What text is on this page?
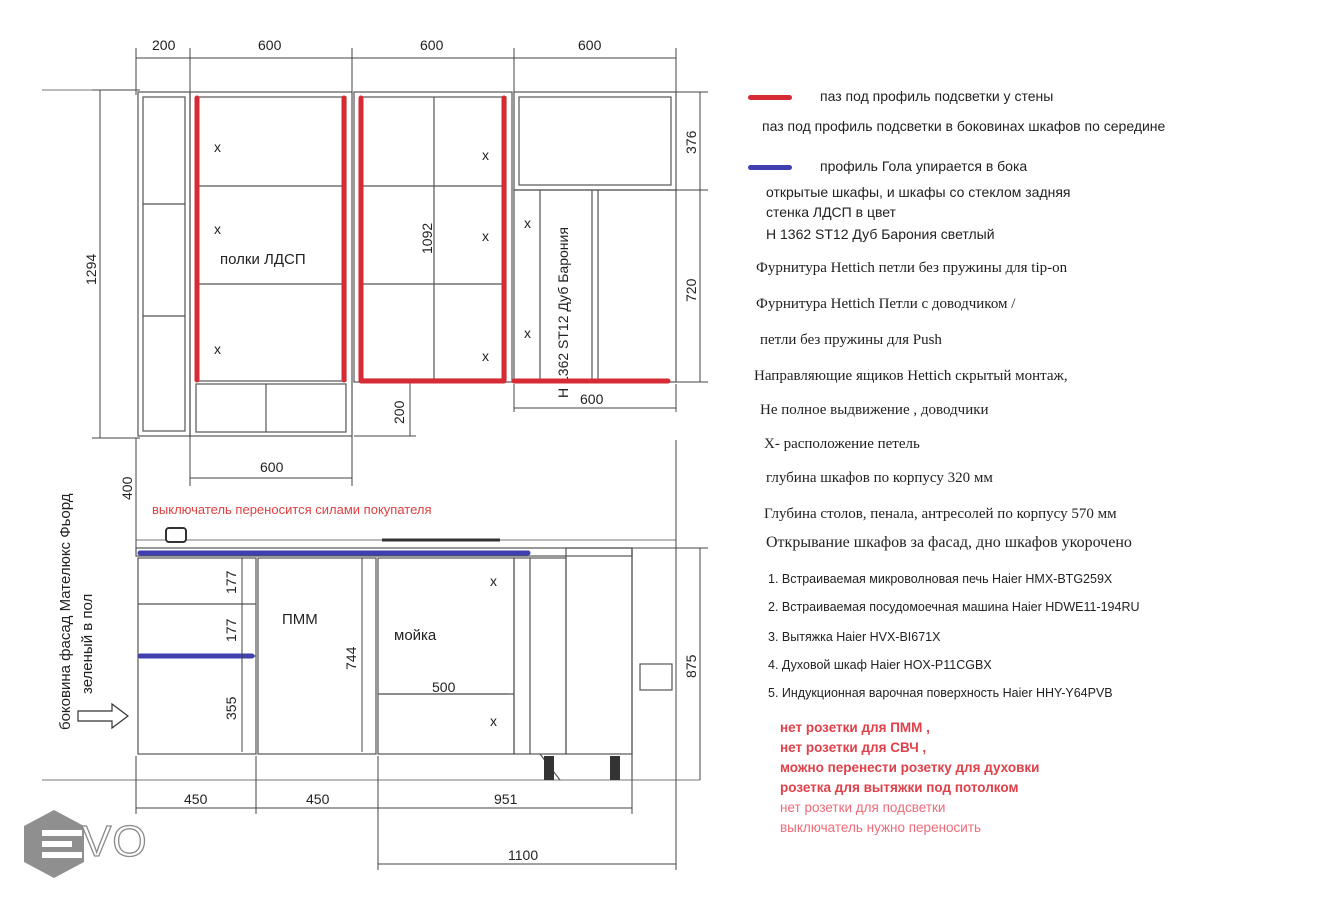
200	600	600	600
1294
400
x
x
x
полки ЛДСП
1092
x
x
x
200
600
600
x
x H 1362 ST12 Дуб Барония
376
720
875
выключатель переносится силами покупателя
177
177
355
744
500
ПММ
мойка
x
x
боковина фасад Мателюкс Фьорд зеленый в пол
450	450	951
1100
паз под профиль подсветки у стены
паз под профиль подсветки в боковинах шкафов по середине
профиль Гола упирается в бока
открытые шкафы, и шкафы со стеклом задняя
стенка ЛДСП в цвет
H 1362 ST12 Дуб Барония светлый
Фурнитура Hettich петли без пружины для tip-on
Фурнитура Hettich Петли с доводчиком /
петли без пружины для Push
Направляющие ящиков Hettich скрытый монтаж,
Не полное выдвижение , доводчики
X- расположение петель
глубина шкафов по корпусу 320 мм
Глубина столов, пенала, антресолей по корпусу 570 мм
Открывание шкафов за фасад, дно шкафов укорочено
1. Встраиваемая микроволновая печь Haier HMX-BTG259X
2. Встраиваемая посудомоечная машина Haier HDWE11-194RU
3. Вытяжка Haier HVX-BI671X
4. Духовой шкаф Haier HOX-P11CGBX
5. Индукционная варочная поверхность Haier HHY-Y64PVB
нет розетки для ПММ ,
нет розетки для СВЧ ,
можно перенести розетку для духовки
розетка для вытяжки под потолком
нет розетки для подсветки
выключатель нужно переносить
VO
